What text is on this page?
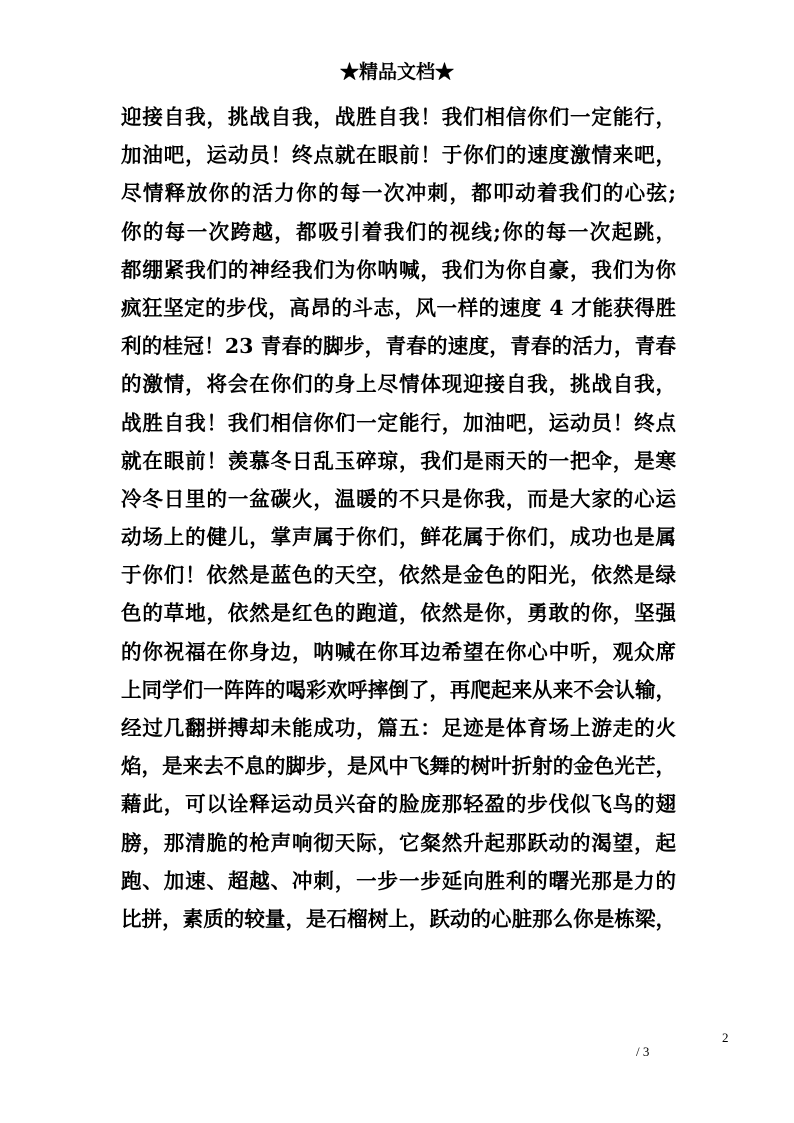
★精品文档★
迎接自我，挑战自我，战胜自我！我们相信你们一定能行，
加油吧，运动员！终点就在眼前！于你们的速度激情来吧，
尽情释放你的活力你的每一次冲刺，都叩动着我们的心弦;
你的每一次跨越，都吸引着我们的视线;你的每一次起跳，
都绷紧我们的神经我们为你呐喊，我们为你自豪，我们为你
疯狂坚定的步伐，高昂的斗志，风一样的速度 4 才能获得胜
利的桂冠！23 青春的脚步，青春的速度，青春的活力，青春
的激情，将会在你们的身上尽情体现迎接自我，挑战自我，
战胜自我！我们相信你们一定能行，加油吧，运动员！终点
就在眼前！羡慕冬日乱玉碎琼，我们是雨天的一把伞，是寒
冷冬日里的一盆碳火，温暖的不只是你我，而是大家的心运
动场上的健儿，掌声属于你们，鲜花属于你们，成功也是属
于你们！依然是蓝色的天空，依然是金色的阳光，依然是绿
色的草地，依然是红色的跑道，依然是你，勇敢的你，坚强
的你祝福在你身边，呐喊在你耳边希望在你心中听，观众席
上同学们一阵阵的喝彩欢呼摔倒了，再爬起来从来不会认输，
经过几翻拼搏却未能成功，篇五：足迹是体育场上游走的火
焰，是来去不息的脚步，是风中飞舞的树叶折射的金色光芒，
藉此，可以诠释运动员兴奋的脸庞那轻盈的步伐似飞鸟的翅
膀，那清脆的枪声响彻天际，它粲然升起那跃动的渴望，起
跑、加速、超越、冲刺，一步一步延向胜利的曙光那是力的
比拼，素质的较量，是石榴树上，跃动的心脏那么你是栋梁，
2
/ 3
